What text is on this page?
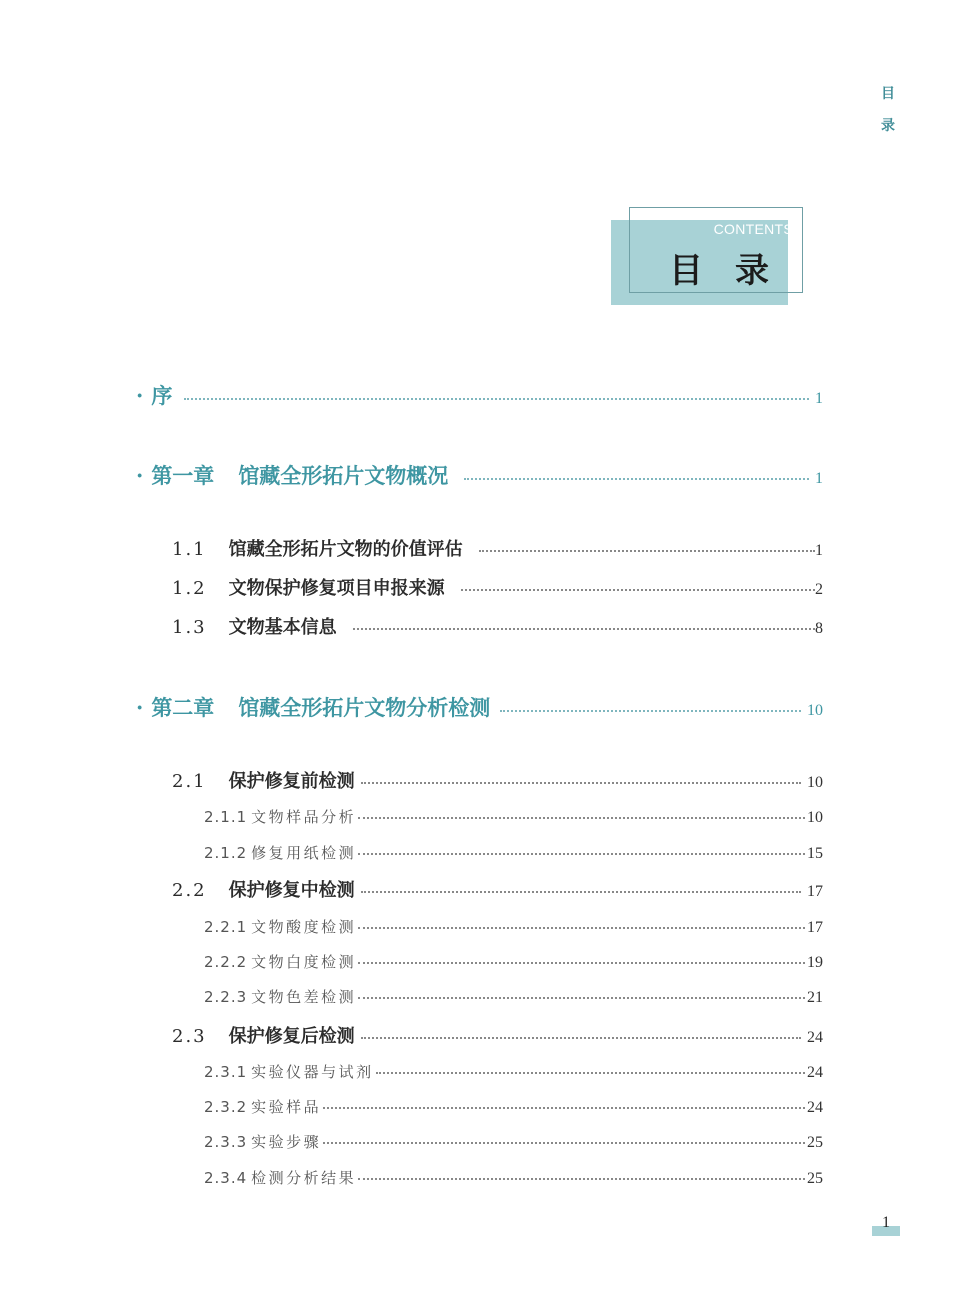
目
录
CONTENTS
目录
· 序	1
· 第一章 馆藏全形拓片文物概况	1
1.1 馆藏全形拓片文物的价值评估	1
1.2 文物保护修复项目申报来源	2
1.3 文物基本信息	8
· 第二章 馆藏全形拓片文物分析检测	10
2.1 保护修复前检测	10
2.1.1 文物样品分析	10
2.1.2 修复用纸检测	15
2.2 保护修复中检测	17
2.2.1 文物酸度检测	17
2.2.2 文物白度检测	19
2.2.3 文物色差检测	21
2.3 保护修复后检测	24
2.3.1 实验仪器与试剂	24
2.3.2 实验样品	24
2.3.3 实验步骤	25
2.3.4 检测分析结果	25
1
